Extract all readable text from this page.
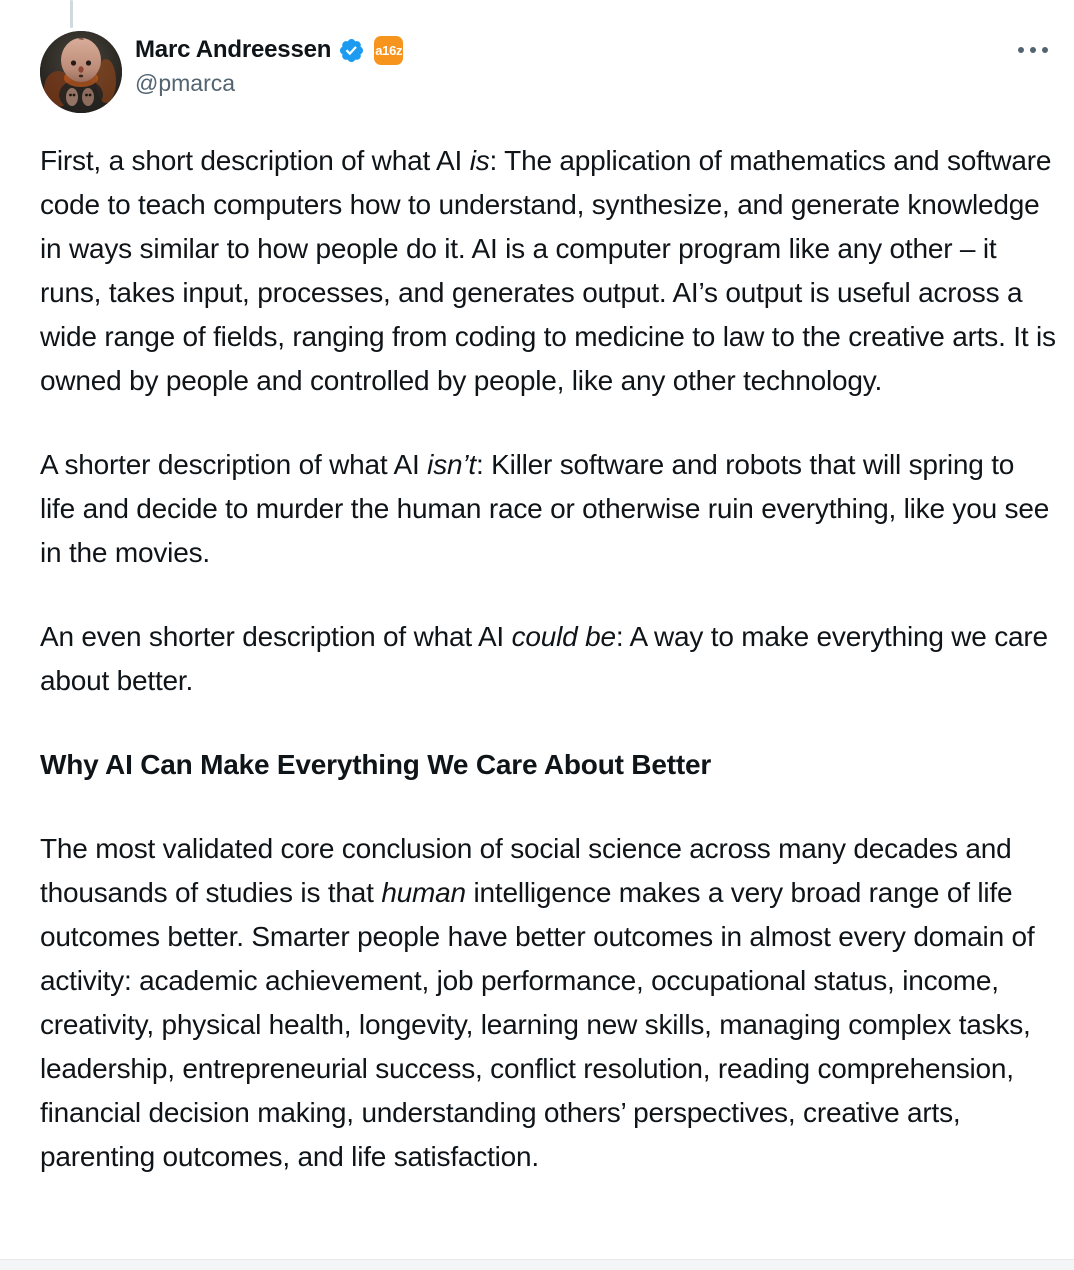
Marc Andreessen	a16z
@pmarca

First, a short description of what AI is: The application of mathematics and software code to teach computers how to understand, synthesize, and generate knowledge in ways similar to how people do it. AI is a computer program like any other – it runs, takes input, processes, and generates output. AI’s output is useful across a wide range of fields, ranging from coding to medicine to law to the creative arts. It is owned by people and controlled by people, like any other technology.

A shorter description of what AI isn’t: Killer software and robots that will spring to life and decide to murder the human race or otherwise ruin everything, like you see in the movies.

An even shorter description of what AI could be: A way to make everything we care about better.

Why AI Can Make Everything We Care About Better

The most validated core conclusion of social science across many decades and thousands of studies is that human intelligence makes a very broad range of life outcomes better. Smarter people have better outcomes in almost every domain of activity: academic achievement, job performance, occupational status, income, creativity, physical health, longevity, learning new skills, managing complex tasks, leadership, entrepreneurial success, conflict resolution, reading comprehension, financial decision making, understanding others’ perspectives, creative arts, parenting outcomes, and life satisfaction.
